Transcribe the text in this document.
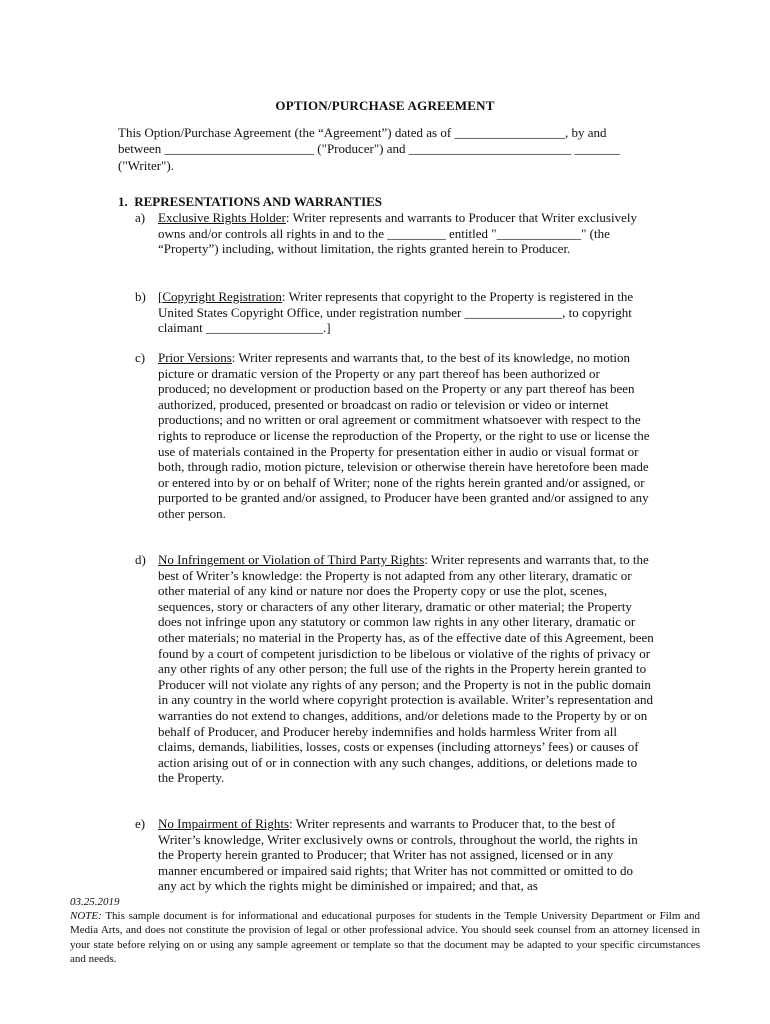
OPTION/PURCHASE AGREEMENT
This Option/Purchase Agreement (the “Agreement”) dated as of _________________, by and between _______________________ ("Producer") and _________________________ _______ ("Writer").
1. REPRESENTATIONS AND WARRANTIES
a) Exclusive Rights Holder: Writer represents and warrants to Producer that Writer exclusively owns and/or controls all rights in and to the _________ entitled "_____________" (the “Property”) including, without limitation, the rights granted herein to Producer.
b) [Copyright Registration: Writer represents that copyright to the Property is registered in the United States Copyright Office, under registration number _______________, to copyright claimant __________________.]
c) Prior Versions: Writer represents and warrants that, to the best of its knowledge, no motion picture or dramatic version of the Property or any part thereof has been authorized or produced; no development or production based on the Property or any part thereof has been authorized, produced, presented or broadcast on radio or television or video or internet productions; and no written or oral agreement or commitment whatsoever with respect to the rights to reproduce or license the reproduction of the Property, or the right to use or license the use of materials contained in the Property for presentation either in audio or visual format or both, through radio, motion picture, television or otherwise therein have heretofore been made or entered into by or on behalf of Writer; none of the rights herein granted and/or assigned, or purported to be granted and/or assigned, to Producer have been granted and/or assigned to any other person.
d) No Infringement or Violation of Third Party Rights: Writer represents and warrants that, to the best of Writer’s knowledge: the Property is not adapted from any other literary, dramatic or other material of any kind or nature nor does the Property copy or use the plot, scenes, sequences, story or characters of any other literary, dramatic or other material; the Property does not infringe upon any statutory or common law rights in any other literary, dramatic or other materials; no material in the Property has, as of the effective date of this Agreement, been found by a court of competent jurisdiction to be libelous or violative of the rights of privacy or any other rights of any other person; the full use of the rights in the Property herein granted to Producer will not violate any rights of any person; and the Property is not in the public domain in any country in the world where copyright protection is available. Writer’s representation and warranties do not extend to changes, additions, and/or deletions made to the Property by or on behalf of Producer, and Producer hereby indemnifies and holds harmless Writer from all claims, demands, liabilities, losses, costs or expenses (including attorneys’ fees) or causes of action arising out of or in connection with any such changes, additions, or deletions made to the Property.
e) No Impairment of Rights: Writer represents and warrants to Producer that, to the best of Writer’s knowledge, Writer exclusively owns or controls, throughout the world, the rights in the Property herein granted to Producer; that Writer has not assigned, licensed or in any manner encumbered or impaired said rights; that Writer has not committed or omitted to do any act by which the rights might be diminished or impaired; and that, as
03.25.2019
NOTE: This sample document is for informational and educational purposes for students in the Temple University Department or Film and Media Arts, and does not constitute the provision of legal or other professional advice. You should seek counsel from an attorney licensed in your state before relying on or using any sample agreement or template so that the document may be adapted to your specific circumstances and needs.
